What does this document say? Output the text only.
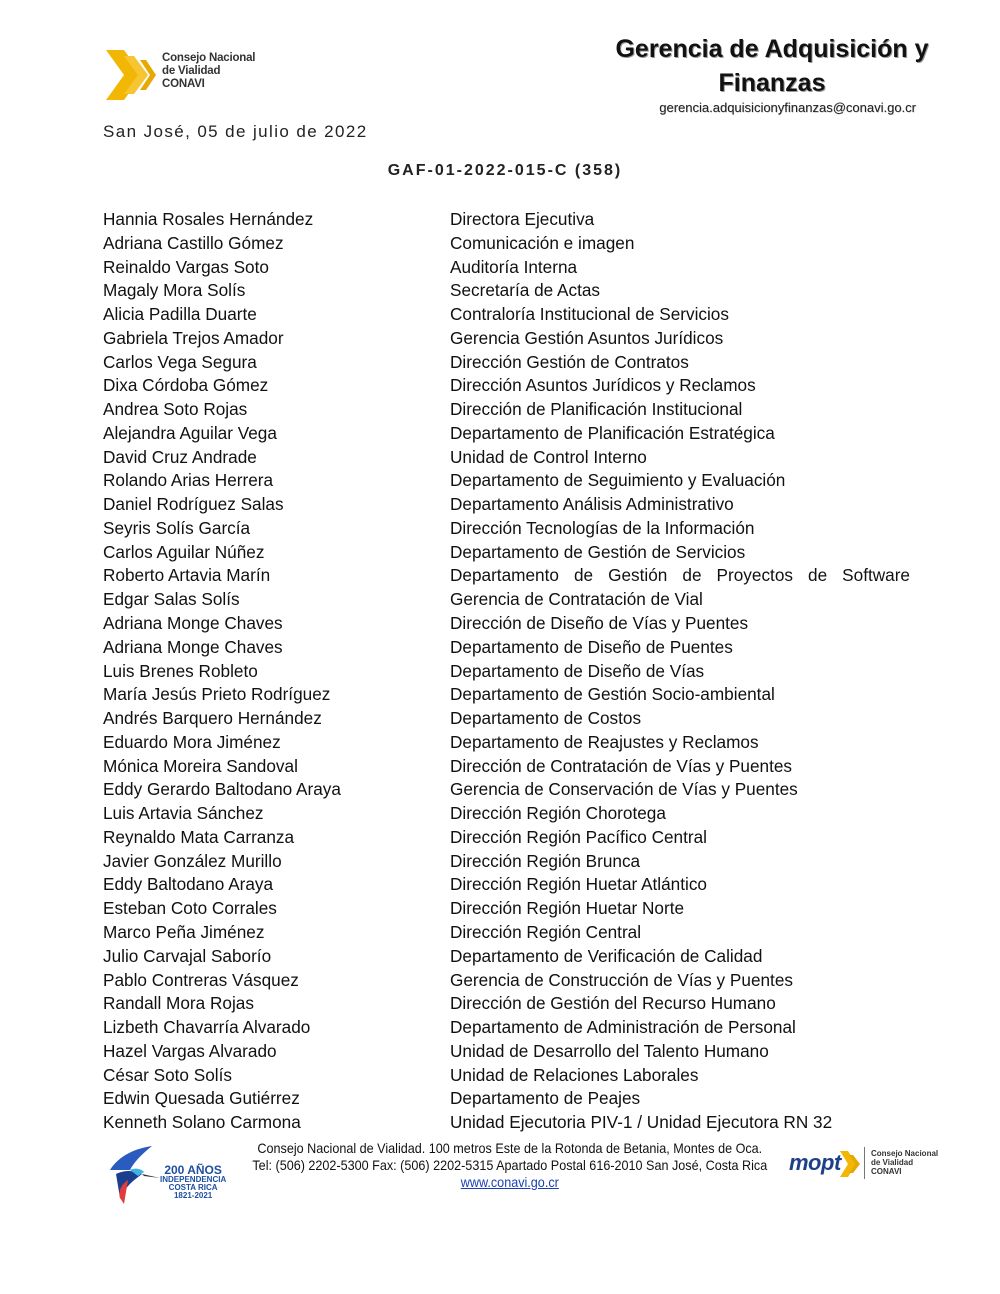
Consejo Nacional
de Vialidad
CONAVI
Gerencia de Adquisición y Finanzas
gerencia.adquisicionyfinanzas@conavi.go.cr
San José, 05 de julio de 2022
GAF-01-2022-015-C (358)
Hannia Rosales Hernández	Directora Ejecutiva
Adriana Castillo Gómez	Comunicación e imagen
Reinaldo Vargas Soto	Auditoría Interna
Magaly Mora Solís	Secretaría de Actas
Alicia Padilla Duarte	Contraloría Institucional de Servicios
Gabriela Trejos Amador	Gerencia Gestión Asuntos Jurídicos
Carlos Vega Segura	Dirección Gestión de Contratos
Dixa Córdoba Gómez	Dirección Asuntos Jurídicos y Reclamos
Andrea Soto Rojas	Dirección de Planificación Institucional
Alejandra Aguilar Vega	Departamento de Planificación Estratégica
David Cruz Andrade	Unidad de Control Interno
Rolando Arias Herrera	Departamento de Seguimiento y Evaluación
Daniel Rodríguez Salas	Departamento Análisis Administrativo
Seyris Solís García	Dirección Tecnologías de la Información
Carlos Aguilar Núñez	Departamento de Gestión de Servicios
Roberto Artavia Marín	Departamento de Gestión de Proyectos de Software
Edgar Salas Solís	Gerencia de Contratación de Vial
Adriana Monge Chaves	Dirección de Diseño de Vías y Puentes
Adriana Monge Chaves	Departamento de Diseño de Puentes
Luis Brenes Robleto	Departamento de Diseño de Vías
María Jesús Prieto Rodríguez	Departamento de Gestión Socio-ambiental
Andrés Barquero Hernández	Departamento de Costos
Eduardo Mora Jiménez	Departamento de Reajustes y Reclamos
Mónica Moreira Sandoval	Dirección de Contratación de Vías y Puentes
Eddy Gerardo Baltodano Araya	Gerencia de Conservación de Vías y Puentes
Luis Artavia Sánchez	Dirección Región Chorotega
Reynaldo Mata Carranza	Dirección Región Pacífico Central
Javier González Murillo	Dirección Región Brunca
Eddy Baltodano Araya	Dirección Región Huetar Atlántico
Esteban Coto Corrales	Dirección Región Huetar Norte
Marco Peña Jiménez	Dirección Región Central
Julio Carvajal Saborío	Departamento de Verificación de Calidad
Pablo Contreras Vásquez	Gerencia de Construcción de Vías y Puentes
Randall Mora Rojas	Dirección de Gestión del Recurso Humano
Lizbeth Chavarría Alvarado	Departamento de Administración de Personal
Hazel Vargas Alvarado	Unidad de Desarrollo del Talento Humano
César Soto Solís	Unidad de Relaciones Laborales
Edwin Quesada Gutiérrez	Departamento de Peajes
Kenneth Solano Carmona	Unidad Ejecutoria PIV-1 / Unidad Ejecutora RN 32
200 AÑOS
INDEPENDENCIA
COSTA RICA
1821-2021
Consejo Nacional de Vialidad. 100 metros Este de la Rotonda de Betania, Montes de Oca.
Tel: (506) 2202-5300 Fax: (506) 2202-5315 Apartado Postal 616-2010 San José, Costa Rica
www.conavi.go.cr
mopt	Consejo Nacional
de Vialidad
CONAVI
